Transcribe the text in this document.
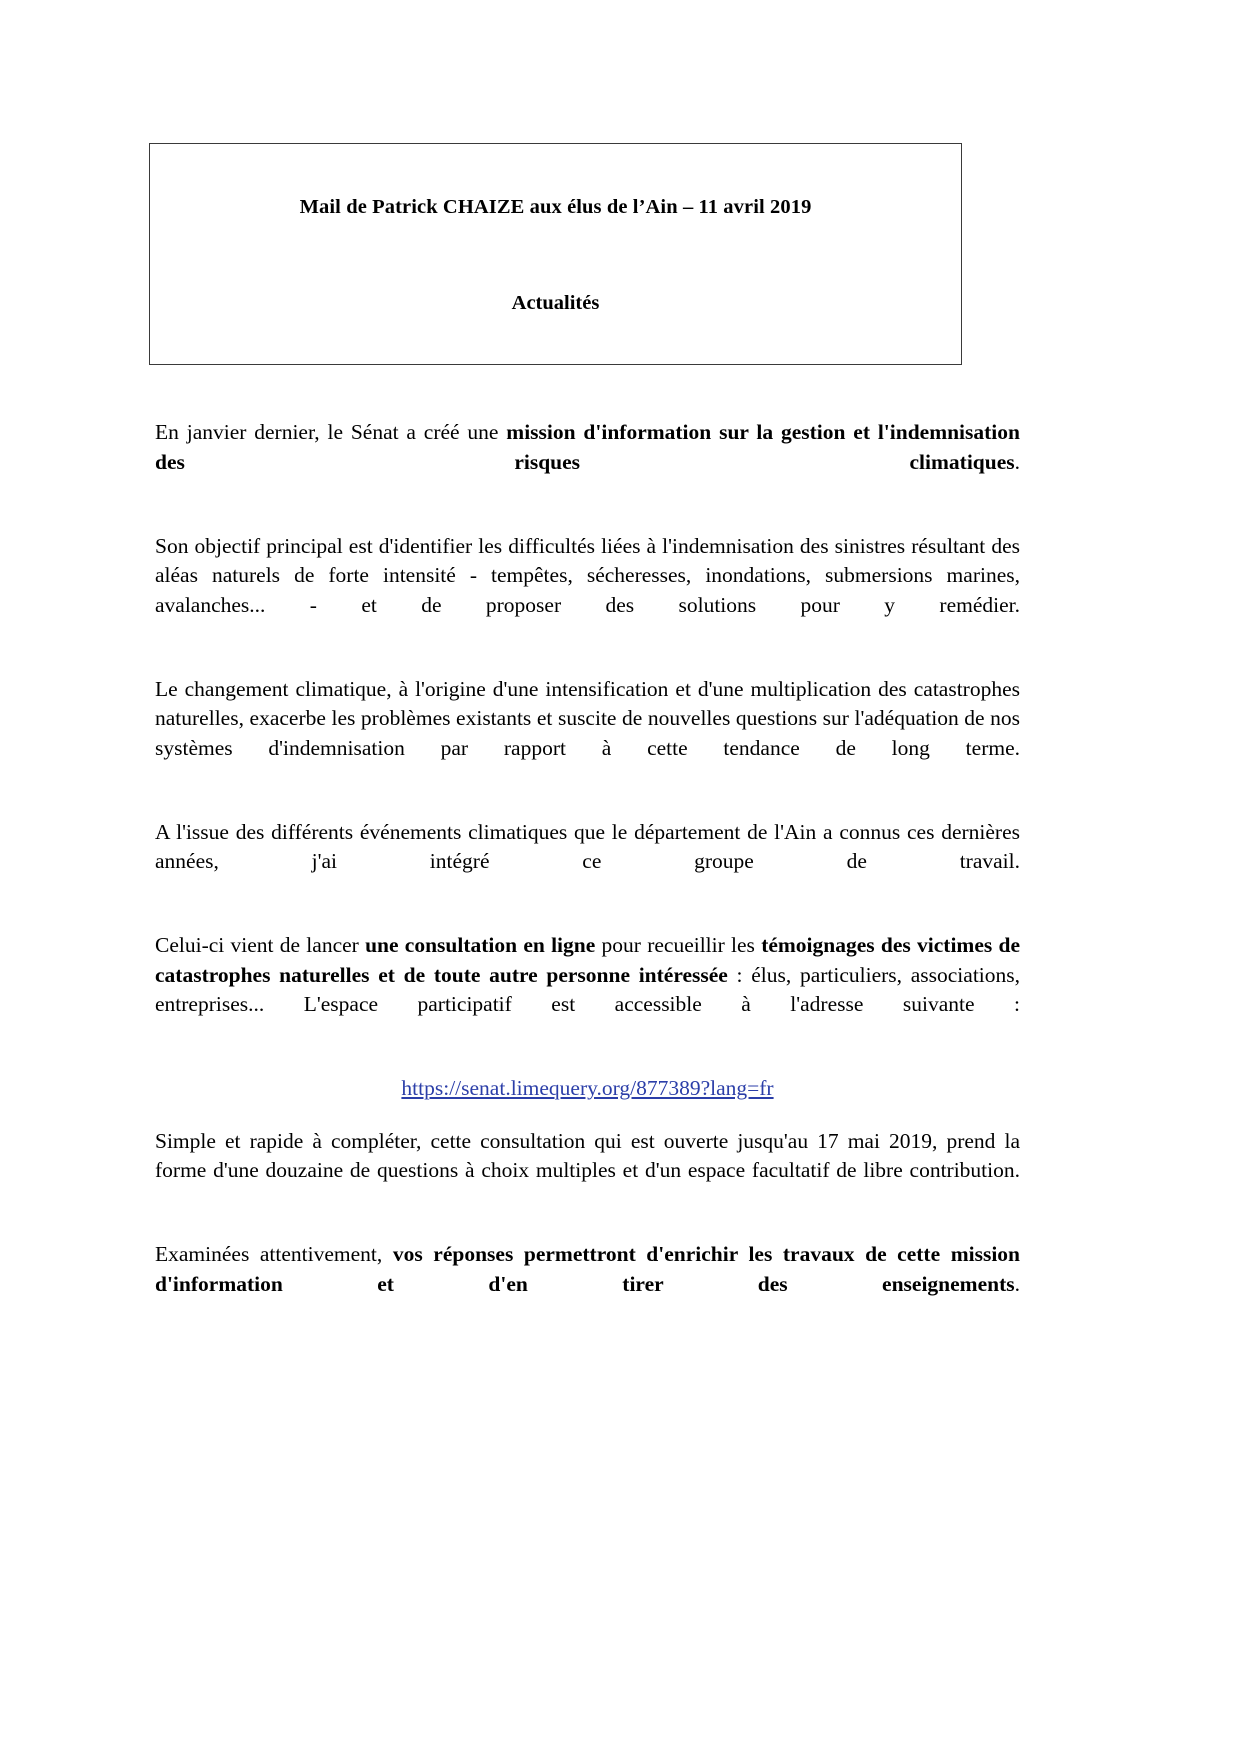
Mail de Patrick CHAIZE aux élus de l’Ain – 11 avril 2019
Actualités

En janvier dernier, le Sénat a créé une mission d'information sur la gestion et l'indemnisation des risques climatiques.

Son objectif principal est d'identifier les difficultés liées à l'indemnisation des sinistres résultant des aléas naturels de forte intensité - tempêtes, sécheresses, inondations, submersions marines, avalanches... - et de proposer des solutions pour y remédier.

Le changement climatique, à l'origine d'une intensification et d'une multiplication des catastrophes naturelles, exacerbe les problèmes existants et suscite de nouvelles questions sur l'adéquation de nos systèmes d'indemnisation par rapport à cette tendance de long terme.

A l'issue des différents événements climatiques que le département de l'Ain a connus ces dernières années, j'ai intégré ce groupe de travail.

Celui-ci vient de lancer une consultation en ligne pour recueillir les témoignages des victimes de catastrophes naturelles et de toute autre personne intéressée : élus, particuliers, associations, entreprises... L'espace participatif est accessible à l'adresse suivante :

https://senat.limequery.org/877389?lang=fr

Simple et rapide à compléter, cette consultation qui est ouverte jusqu'au 17 mai 2019, prend la forme d'une douzaine de questions à choix multiples et d'un espace facultatif de libre contribution.

Examinées attentivement, vos réponses permettront d'enrichir les travaux de cette mission d'information et d'en tirer des enseignements.
